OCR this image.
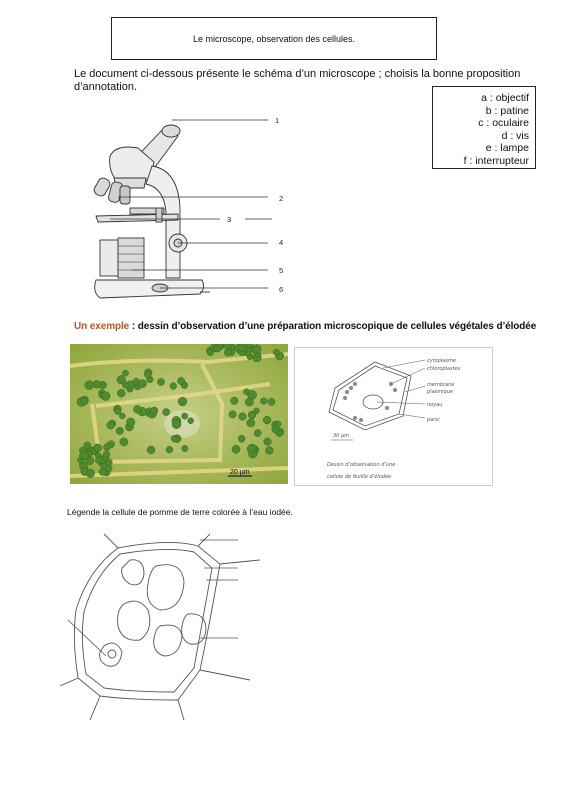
Le microscope, observation des cellules.
Le document ci-dessous présente le schéma d’un microscope ; choisis la bonne proposition d’annotation.
a : objectif
b : patine
c : oculaire
d : vis
e : lampe
f : interrupteur
1
2
3
4
5
6
Un exemple : dessin d’observation d’une préparation microscopique de cellules végétales d’élodée
20 µm
cytoplasme
chloroplastes
membrane
plasmique
noyau
paroi
30 µm
Dessin d’observation d’une
cellule de feuille d’élodée
Légende la cellule de pomme de terre colorée à l’eau iodée.
